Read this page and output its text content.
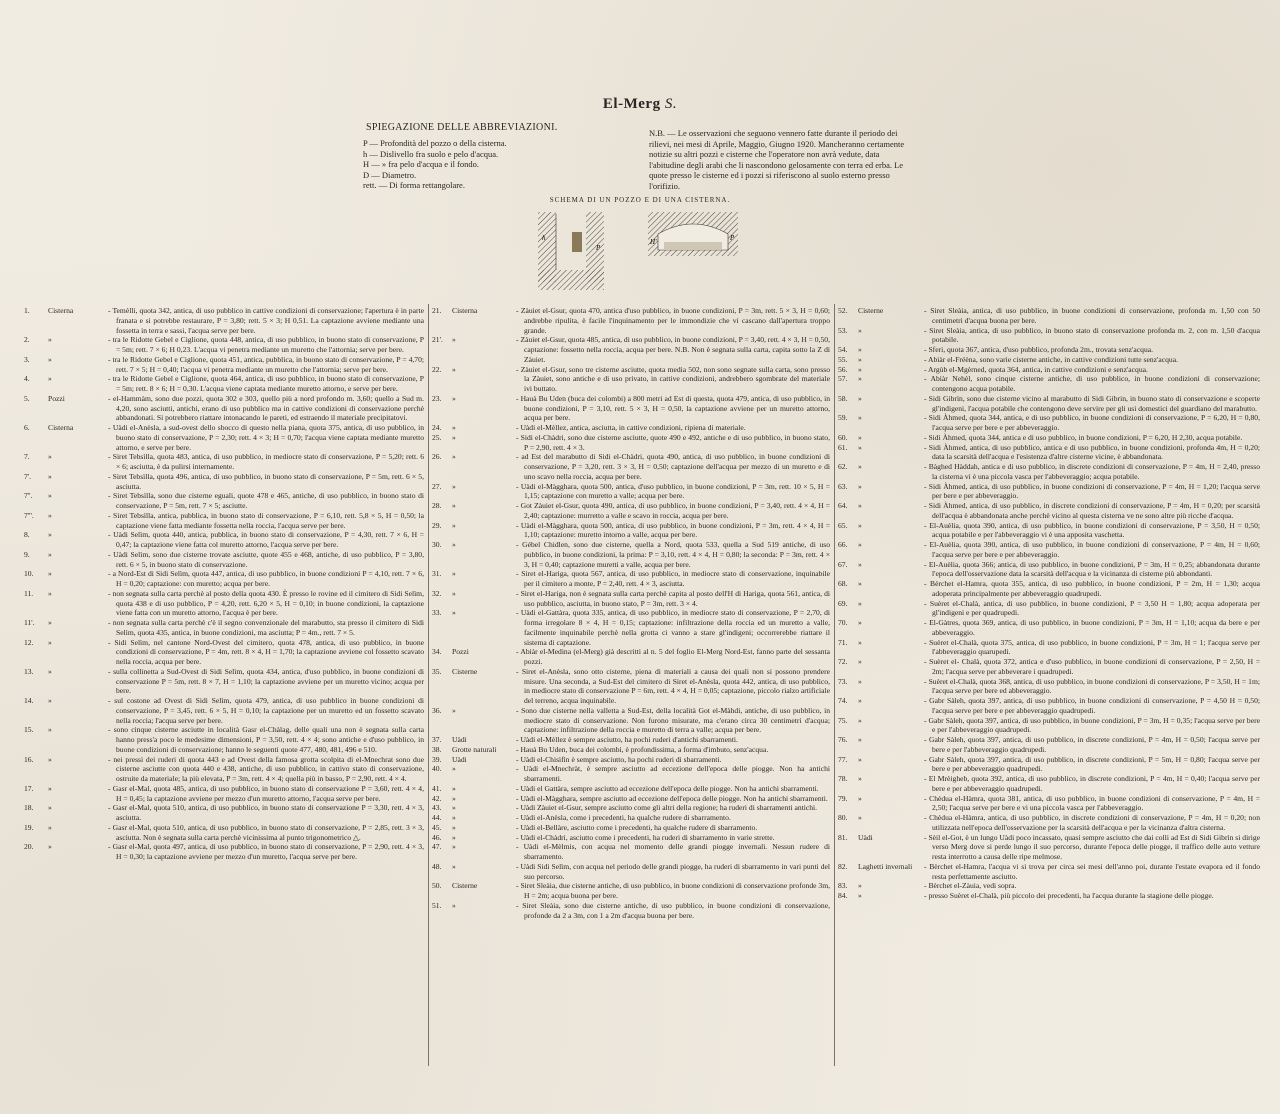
El-Merg S.
SPIEGAZIONE DELLE ABBREVIAZIONI.
P — Profondità del pozzo o della cisterna.
h — Dislivello fra suolo e pelo d'acqua.
H — » fra pelo d'acqua e il fondo.
D — Diametro.
rett. — Di forma rettangolare.
N.B. — Le osservazioni che seguono vennero fatte durante il periodo dei rilievi, nei mesi di Aprile, Maggio, Giugno 1920. Mancheranno certamente notizie su altri pozzi e cisterne che l'operatore non avrà vedute, data l'abitudine degli arabi che li nascondono gelosamente con terra ed erba. Le quote presso le cisterne ed i pozzi si riferiscono al suolo esterno presso l'orifizio.
SCHEMA DI UN POZZO E DI UNA CISTERNA.
h
P
H'	P
1.	Cisterna	- Temèlli, quota 342, antica, di uso pubblico in cattive condizioni di conservazione; l'apertura è in parte franata e si potrebbe restaurare, P = 3,80; rett. 5 × 3; H 0,51. La captazione avviene mediante una fossetta in terra e sassi, l'acqua serve per bere.
2.	»	- tra le Ridotte Gebel e Ciglione, quota 448, antica, di uso pubblico, in buono stato di conservazione, P = 5m; rett. 7 × 6; H 0,23. L'acqua vi penetra mediante un muretto che l'attornia; serve per bere.
3.	»	- tra le Ridotte Gebel e Ciglione, quota 451, antica, pubblica, in buono stato di conservazione, P = 4,70; rett. 7 × 5; H = 0,40; l'acqua vi penetra mediante un muretto che l'attornia; serve per bere.
4.	»	- tra le Ridotte Gebel e Ciglione, quota 464, antica, di uso pubblico, in buono stato di conservazione, P = 5m; rett. 8 × 6; H = 0,30. L'acqua viene captata mediante muretto attorno, e serve per bere.
5.	Pozzi	- el-Hammàm, sono due pozzi, quota 302 e 303, quello più a nord profondo m. 3,60; quello a Sud m. 4,20, sono asciutti, antichi, erano di uso pubblico ma in cattive condizioni di conservazione perchè abbandonati. Si potrebbero riattare intonacando le pareti, ed estraendo il materiale precipitatovi.
6.	Cisterna	- Uàdi el-Anèsla, a sud-ovest dello sbocco di questo nella piana, quota 375, antica, di uso pubblico, in buono stato di conservazione, P = 2,30; rett. 4 × 3; H = 0,70; l'acqua viene captata mediante muretto attorno, e serve per bere.
7.	»	- Siret Tebsìlla, quota 483, antica, di uso pubblico, in mediocre stato di conservazione, P = 5,20; rett. 6 × 6; asciutta, è da pulirsi internamente.
7'.	»	- Siret Tebsìlla, quota 496, antica, di uso pubblico, in buono stato di conservazione, P = 5m, rett. 6 × 5, asciutta.
7''.	»	- Siret Tebsìlla, sono due cisterne eguali, quote 478 e 465, antiche, di uso pubblico, in buono stato di conservazione, P = 5m, rett. 7 × 5; asciutte.
7'''.	»	- Siret Tebsìlla, antica, pubblica, in buono stato di conservazione, P = 6,10, rett. 5,8 × 5, H = 0,50; la captazione viene fatta mediante fossetta nella roccia, l'acqua serve per bere.
8.	»	- Uàdi Selìm, quota 440, antica, pubblica, in buono stato di conservazione, P = 4,30, rett. 7 × 6, H = 0,47; la captazione viene fatta col muretto attorno, l'acqua serve per bere.
9.	»	- Uàdi Selìm, sono due cisterne trovate asciutte, quote 455 e 468, antiche, di uso pubblico, P = 3,80, rett. 6 × 5, in buono stato di conservazione.
10.	»	- a Nord-Est di Sidi Selìm, quota 447, antica, di uso pubblico, in buone condizioni P = 4,10, rett. 7 × 6, H = 0,20; captazione: con muretto; acqua per bere.
11.	»	- non segnata sulla carta perchè al posto della quota 430. È presso le rovine ed il cimitero di Sidi Selìm, quota 438 e di uso pubblico, P = 4,20, rett. 6,20 × 5, H = 0,10; in buone condizioni, la captazione viene fatta con un muretto attorno, l'acqua è per bere.
11'.	»	- non segnata sulla carta perchè c'è il segno convenzionale del marabutto, sta presso il cimitero di Sidi Selìm, quota 435, antica, in buone condizioni, ma asciutta; P = 4m., rett. 7 × 5.
12.	»	- Sidi Selìm, nel cantone Nord-Ovest del cimitero, quota 478, antica, di uso pubblico, in buone condizioni di conservazione, P = 4m, rett. 8 × 4, H = 1,70; la captazione avviene col fossetto scavato nella roccia, acqua per bere.
13.	»	- sulla collinetta a Sud-Ovest di Sidi Selìm, quota 434, antica, d'uso pubblico, in buone condizioni di conservazione P = 5m, rett. 8 × 7, H = 1,10; la captazione avviene per un muretto vicino; acqua per bere.
14.	»	- sul costone ad Ovest di Sidi Selìm, quota 479, antica, di uso pubblico in buone condizioni di conservazione, P = 3,45, rett. 6 × 5, H = 0,10; la captazione per un muretto ed un fossetto scavato nella roccia; l'acqua serve per bere.
15.	»	- sono cinque cisterne asciutte in località Gasr el-Chàlag, delle quali una non è segnata sulla carta hanno press'a poco le medesime dimensioni, P = 3,50, rett. 4 × 4; sono antiche e d'uso pubblico, in buone condizioni di conservazione; hanno le seguenti quote 477, 480, 481, 496 e 510.
16.	»	- nei pressi dei ruderi di quota 443 e ad Ovest della famosa grotta scolpita di el-Mnechrat sono due cisterne asciutte con quota 440 e 438, antiche, di uso pubblico, in cattivo stato di conservazione, ostruite da materiale; la più elevata, P = 3m, rett. 4 × 4; quella più in basso, P = 2,90, rett. 4 × 4.
17.	»	- Gasr el-Mal, quota 485, antica, di uso pubblico, in buono stato di conservazione P = 3,60, rett. 4 × 4, H = 0,45; la captazione avviene per mezzo d'un muretto attorno, l'acqua serve per bere.
18.	»	- Gasr el-Mal, quota 510, antica, di uso pubblico, in buono stato di conservazione P = 3,30, rett. 4 × 3, asciutta.
19.	»	- Gasr el-Mal, quota 510, antica, di uso pubblico, in buono stato di conservazione, P = 2,85, rett. 3 × 3, asciutta. Non è segnata sulla carta perchè vicinissima al punto trigonometrico △.
20.	»	- Gasr el-Mal, quota 497, antica, di uso pubblico, in buono stato di conservazione, P = 2,90, rett. 4 × 3, H = 0,30; la captazione avviene per mezzo d'un muretto, l'acqua serve per bere.
21.	Cisterna	- Zàuiet el-Gsur, quota 470, antica d'uso pubblico, in buone condizioni, P = 3m, rett. 5 × 3, H = 0,60; andrebbe ripulita, è facile l'inquinamento per le immondizie che vi cascano dall'apertura troppo grande.
21'.	»	- Zàuiet el-Gsur, quota 485, antica, di uso pubblico, in buone condizioni, P = 3,40, rett. 4 × 3, H = 0,50, captazione: fossetto nella roccia, acqua per bere. N.B. Non è segnata sulla carta, capita sotto la Z di Zàuiet.
22.	»	- Zàuiet el-Gsur, sono tre cisterne asciutte, quota media 502, non sono segnate sulla carta, sono presso la Zàuiet, sono antiche e di uso privato, in cattive condizioni, andrebbero sgombrate del materiale ivi buttato.
23.	»	- Hauà Bu Uden (buca dei colombi) a 800 metri ad Est di questa, quota 479, antica, di uso pubblico, in buone condizioni, P = 3,10, rett. 5 × 3, H = 0,50, la captazione avviene per un muretto attorno, acqua per bere.
24.	»	- Uàdi el-Mèllez, antica, asciutta, in cattive condizioni, ripiena di materiale.
25.	»	- Sidi el-Chàdri, sono due cisterne asciutte, quote 490 e 492, antiche e di uso pubblico, in buono stato, P = 2,90, rett. 4 × 3.
26.	»	- ad Est del marabutto di Sidi el-Chàdri, quota 490, antica, di uso pubblico, in buone condizioni di conservazione, P = 3,20, rett. 3 × 3, H = 0,50; captazione dell'acqua per mezzo di un muretto e di uno scavo nella roccia, acqua per bere.
27.	»	- Uàdi el-Màgghara, quota 500, antica, d'uso pubblico, in buone condizioni, P = 3m, rett. 10 × 5, H = 1,15; captazione con muretto a valle; acqua per bere.
28.	»	- Got Zàuiet el-Gsur, quota 490, antica, di uso pubblico, in buone condizioni, P = 3,40, rett. 4 × 4, H = 2,40; captazione: murretto a valle e scavo in roccia, acqua per bere.
29.	»	- Uàdi el-Màgghara, quota 500, antica, di uso pubblico, in buone condizioni, P = 3m, rett. 4 × 4, H = 1,10; captazione: muretto intorno a valle, acqua per bere.
30.	»	- Gébel Chidlen, sono due cisterne, quella a Nord, quota 533, quella a Sud 519 antiche, di uso pubblico, in buone condizioni, la prima: P = 3,10, rett. 4 × 4, H = 0,80; la seconda: P = 3m, rett. 4 × 3, H = 0,40; captazione muretti a valle, acqua per bere.
31.	»	- Siret el-Hariga, quota 567, antica, di uso pubblico, in mediocre stato di conservazione, inquinabile per il cimitero a monte, P = 2,40, rett. 4 × 3, asciutta.
32.	»	- Siret el-Hariga, non è segnata sulla carta perchè capita al posto dell'H di Hariga, quota 561, antica, di uso pubblico, asciutta, in buono stato, P = 3m, rett. 3 × 4.
33.	»	- Uàdi el-Gattàra, quota 335, antica, di uso pubblico, in mediocre stato di conservazione, P = 2,70, di forma irregolare 8 × 4, H = 0,15; captazione: infiltrazione della roccia ed un muretto a valle, facilmente inquinabile perchè nella grotta ci vanno a stare gl'indigeni; occorrerebbe riattare il sistema di captazione.
34.	Pozzi	- Abiàr el-Medina (el-Merg) già descritti al n. 5 del foglio El-Merg Nord-Est, fanno parte del sessanta pozzi.
35.	Cisterne	- Siret el-Anèsla, sono otto cisterne, piena di materiali a causa dei quali non si possono prendere misure. Una seconda, a Sud-Est del cimitero di Siret el-Anèsla, quota 442, antica, di uso pubblico, in mediocre stato di conservazione P = 6m, rett. 4 × 4, H = 0,05; captazione, piccolo rialzo artificiale del terreno, acqua inquinabile.
36.	»	- Sono due cisterne nella valletta a Sud-Est, della località Got el-Màhdi, antiche, di uso pubblico, in mediocre stato di conservazione. Non furono misurate, ma c'erano circa 30 centimetri d'acqua; captazione: infiltrazione della roccia e muretto di terra a valle; acqua per bere.
37.	Uàdi	- Uàdi el-Mèllez è sempre asciutto, ha pochi ruderi d'antichi sbarramenti.
38.	Grotte naturali	- Hauà Bu Uden, buca dei colombi, è profondissima, a forma d'imbuto, senz'acqua.
39.	Uàdi	- Uàdi el-Chisìfìn è sempre asciutto, ha pochi ruderi di sbarramenti.
40.	»	- Uàdi el-Mnechràt, è sempre asciutto ad eccezione dell'epoca delle piogge. Non ha antichi sbarramenti.
41.	»	- Uàdi el Gattàra, sempre asciutto ad eccezione dell'epoca delle piogge. Non ha antichi sbarramenti.
42.	»	- Uàdi el-Màgghara, sempre asciutto ad eccezione dell'epoca delle piogge. Non ha antichi sbarramenti.
43.	»	- Uàdi Zàuiet el-Gsur, sempre asciutto come gli altri della regione; ha ruderi di sbarramenti antichi.
44.	»	- Uàdi el-Anèsla, come i precedenti, ha qualche rudere di sbarramento.
45.	»	- Uàdi el-Bellàre, asciutto come i precedenti, ha qualche rudere di sbarramento.
46.	»	- Uàdi el-Chàdri, asciutto come i precedenti, ha ruderi di sbarramento in varie strette.
47.	»	- Uàdi el-Mèlmis, con acqua nel momento delle grandi piogge invernali. Nessun rudere di sbarramento.
48.	»	- Uàdi Sidi Selìm, con acqua nel periodo delle grandi piogge, ha ruderi di sbarramento in vari punti del suo percorso.
50.	Cisterne	- Siret Sleàia, due cisterne antiche, di uso pubblico, in buone condizioni di conservazione profonde 3m, H = 2m; acqua buona per bere.
51.	»	- Siret Sleàia, sono due cisterne antiche, di uso pubblico, in buone condizioni di conservazione, profonde da 2 a 3m, con 1 a 2m d'acqua buona per bere.
52.	Cisterne	- Siret Sleàia, antica, di uso pubblico, in buone condizioni di conservazione, profonda m. 1,50 con 50 centimetri d'acqua buona per bere.
53.	»	- Siret Sleàia, antica, di uso pubblico, in buono stato di conservazione profonda m. 2, con m. 1,50 d'acqua potabile.
54.	»	- Sferi, quota 367, antica, d'uso pubblico, profonda 2m., trovata senz'acqua.
55.	»	- Abiàr el-Fréèna, sono varie cisterne antiche, in cattive condizioni tutte senz'acqua.
56.	»	- Argùb el-Mgèrned, quota 364, antica, in cattive condizioni e senz'acqua.
57.	»	- Abiàr Nehèl, sono cinque cisterne antiche, di uso pubblico, in buone condizioni di conservazione; contengono acqua potabile.
58.	»	- Sidi Gibrìn, sono due cisterne vicino al marabutto di Sidi Gibrin, in buono stato di conservazione e scoperte gl'indigeni, l'acqua potabile che contengono deve servire per gli usi domestici del guardiano del marabutto.
59.	»	- Sidi Àhmed, quota 344, antica, e di uso pubblico, in buone condizioni di conservazione, P = 6,20, H = 0,80, l'acqua serve per bere e per abbeveraggio.
60.	»	- Sidi Àhmed, quota 344, antica e di uso pubblico, in buone condizioni, P = 6,20, H 2,30, acqua potabile.
61.	»	- Sidi Àhmed, antica, di uso pubblico, antica e di uso pubblico, in buone condizioni, profonda 4m, H = 0,20; data la scarsità dell'acqua e l'esistenza d'altre cisterne vicine, è abbandonata.
62.	»	- Bàghed Hàddah, antica e di uso pubblico, in discrete condizioni di conservazione, P = 4m, H = 2,40, presso la cisterna vi è una piccola vasca per l'abbeveraggio; acqua potabile.
63.	»	- Sidi Àhmed, antica, di uso pubblico, in buone condizioni di conservazione, P = 4m, H = 1,20; l'acqua serve per bere e per abbeveraggio.
64.	»	- Sidi Àhmed, antica, di uso pubblico, in discrete condizioni di conservazione, P = 4m, H = 0,20; per scarsità dell'acqua è abbandonata anche perchè vicino al questa cisterna ve ne sono altre più ricche d'acqua.
65.	»	- El-Auèlia, quota 390, antica, di uso pubblico, in buone condizioni di conservazione, P = 3,50, H = 0,50; acqua potabile e per l'abbeveraggio vi è una apposita vaschetta.
66.	»	- El-Auèlia, quota 390, antica, di uso pubblico, in buone condizioni di conservazione, P = 4m, H = 0,60; l'acqua serve per bere e per abbeveraggio.
67.	»	- El-Auèlia, quota 366; antica, di uso pubblico, in buone condizioni, P = 3m, H = 0,25; abbandonata durante l'epoca dell'osservazione data la scarsità dell'acqua e la vicinanza di cisterne più abbondanti.
68.	»	- Bèrchet el-Hamra, quota 355, antica, di uso pubblico, in buone condizioni, P = 2m, H = 1,30; acqua adoperata principalmente per abbeveraggio quadrupedi.
69.	»	- Suèret el-Chalà, antica, di uso pubblico, in buone condizioni, P = 3,50 H = 1,80; acqua adoperata per gl'indigeni e per quadrupedi.
70.	»	- El-Gàtres, quota 369, antica, di uso pubblico, in buone condizioni, P = 3m, H = 1,10; acqua da bere e per abbeveraggio.
71.	»	- Suèret el-Chalà, quota 375, antica, di uso pubblico, in buone condizioni, P = 3m, H = 1; l'acqua serve per l'abbeveraggio quarupedi.
72.	»	- Suèret el- Chalà, quota 372, antica e d'uso pubblico, in buone condizioni di conservazione, P = 2,50, H = 2m; l'acqua serve per abbeverare i quadrupedi.
73.	»	- Suèret el-Chalà, quota 368, antica, di uso pubblico, in buone condizioni di conservazione, P = 3,50, H = 1m; l'acqua serve per bere ed abbeveraggio.
74.	»	- Gabr Sàleh, quota 397, antica, di uso pubblico, in buone condizioni di conservazione, P = 4,50 H = 0,50; l'acqua serve per bere e per abbeveraggio quadrupedi.
75.	»	- Gabr Sàleh, quota 397, antica, di uso pubblico, in buone condizioni, P = 3m, H = 0,35; l'acqua serve per bere e per l'abbeveraggio quadrupedi.
76.	»	- Gabr Sàleh, quota 397, antica, di uso pubblico, in discrete condizioni, P = 4m, H = 0,50; l'acqua serve per bere e per l'abbeveraggio quadrupedi.
77.	»	- Gabr Sàleh, quota 397, antica, di uso pubblico, in discrete condizioni, P = 5m, H = 0,80; l'acqua serve per bere e per abbeveraggio quadrupedi.
78.	»	- El Mrèigheb, quota 392, antica, di uso pubblico, in discrete condizioni, P = 4m, H = 0,40; l'acqua serve per bere e per abbeveraggio quadrupedi.
79.	»	- Chèdua el-Hàmra, quota 381, antica, di uso pubblico, in buone condizioni di conservazione, P = 4m, H = 2,50; l'acqua serve per bere e vi una piccola vasca per l'abbeveraggio.
80.	»	- Chèdua el-Hàmra, antica, di uso pubblico, in discrete condizioni di conservazione, P = 4m, H = 0,20; non utilizzata nell'epoca dell'osservazione per la scarsità dell'acqua e per la vicinanza d'altra cisterna.
81.	Uàdi	- Sèil el-Got, è un lungo Uàdi poco incassato, quasi sempre asciutto che dai colli ad Est di Sidi Gibrìn si dirige verso Merg dove si perde lungo il suo percorso, durante l'epoca delle piogge, il traffico delle auto vetture resta interrotto a causa delle ripe melmose.
82.	Laghetti invernali	- Bèrchet el-Hamra, l'acqua vi si trova per circa sei mesi dell'anno poi, durante l'estate evapora ed il fondo resta perfettamente asciutto.
83.	»	- Bèrchet el-Zàuia, vedi sopra.
84.	»	- presso Suèret el-Chalà, più piccolo dei precedenti, ha l'acqua durante la stagione delle piogge.
